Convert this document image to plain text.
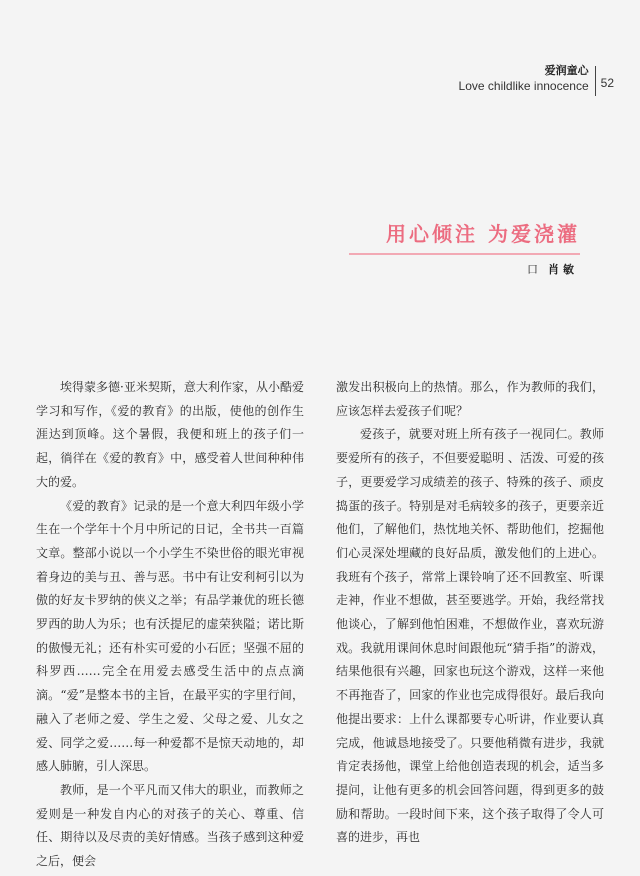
爱润童心
Love childlike innocence 52
用心倾注 为爱浇灌
口 肖敏

埃得蒙多德·亚米契斯，意大利作家，从小酷爱学习和写作，《爱的教育》的出版，使他的创作生涯达到顶峰。这个暑假，我便和班上的孩子们一起，徜徉在《爱的教育》中，感受着人世间种种伟大的爱。

《爱的教育》记录的是一个意大利四年级小学生在一个学年十个月中所记的日记，全书共一百篇文章。整部小说以一个小学生不染世俗的眼光审视着身边的美与丑、善与恶。书中有让安利柯引以为傲的好友卡罗纳的侠义之举；有品学兼优的班长德罗西的助人为乐；也有沃提尼的虚荣狭隘；诺比斯的傲慢无礼；还有朴实可爱的小石匠；坚强不屈的科罗西……完全在用爱去感受生活中的点点滴滴。“爱”是整本书的主旨，在最平实的字里行间，融入了老师之爱、学生之爱、父母之爱、儿女之爱、同学之爱……每一种爱都不是惊天动地的，却感人肺腑，引人深思。

教师，是一个平凡而又伟大的职业，而教师之爱则是一种发自内心的对孩子的关心、尊重、信任、期待以及尽责的美好情感。当孩子感到这种爱之后，便会

激发出积极向上的热情。那么，作为教师的我们，应该怎样去爱孩子们呢？

爱孩子，就要对班上所有孩子一视同仁。教师要爱所有的孩子，不但要爱聪明 、活泼、可爱的孩子，更要爱学习成绩差的孩子、特殊的孩子、顽皮捣蛋的孩子。特别是对毛病较多的孩子，更要亲近他们，了解他们，热忱地关怀、帮助他们，挖掘他们心灵深处埋藏的良好品质，激发他们的上进心。我班有个孩子，常常上课铃响了还不回教室、听课走神，作业不想做，甚至要逃学。开始，我经常找他谈心，了解到他怕困难，不想做作业，喜欢玩游戏。我就用课间休息时间跟他玩“猜手指”的游戏，结果他很有兴趣，回家也玩这个游戏，这样一来他不再拖沓了，回家的作业也完成得很好。最后我向他提出要求：上什么课都要专心听讲，作业要认真完成，他诚恳地接受了。只要他稍微有进步，我就肯定表扬他，课堂上给他创造表现的机会，适当多提问，让他有更多的机会回答问题，得到更多的鼓励和帮助。一段时间下来，这个孩子取得了令人可喜的进步，再也
